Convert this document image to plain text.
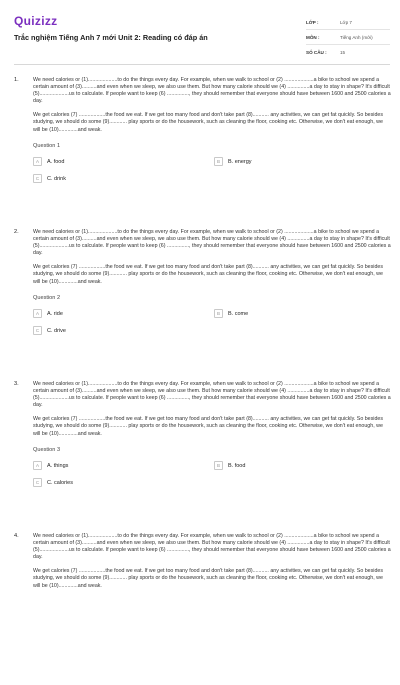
Quizizz
Trắc nghiệm Tiếng Anh 7 mới Unit 2: Reading có đáp án
LỚP :	Lớp 7
MÔN :	Tiếng Anh (mới)
SỐ CÂU :	15
1.	We need calories or (1)....................to do the things every day. For example, when we walk to school or (2) ....................a bike to school we spend a certain amount of (3)..........and even when we sleep, we also use them. But how many calorie should we (4) ...............a day to stay in shape? It's difficult (5)....................us to calculate. If people want to keep (6) ..............., they should remember that everyone should have between 1600 and 2500 calories a day.

We get calories (7) ..................the food we eat. If we get too many food and don't take part (8)........... any activities, we can get fat quickly. So besides studying, we should do some (9)............ play sports or do the housework, such as cleaning the floor, cooking etc. Otherwise, we don't eat enough, we will be (10).............and weak.

Question 1
A	A. food	B	B. energy
C	C. drink
2.	We need calories or (1)....................to do the things every day. For example, when we walk to school or (2) ....................a bike to school we spend a certain amount of (3)..........and even when we sleep, we also use them. But how many calorie should we (4) ...............a day to stay in shape? It's difficult (5)....................us to calculate. If people want to keep (6) ..............., they should remember that everyone should have between 1600 and 2500 calories a day.

We get calories (7) ..................the food we eat. If we get too many food and don't take part (8)........... any activities, we can get fat quickly. So besides studying, we should do some (9)............ play sports or do the housework, such as cleaning the floor, cooking etc. Otherwise, we don't eat enough, we will be (10).............and weak.

Question 2
A	A. ride	B	B. come
C	C. drive
3.	We need calories or (1)....................to do the things every day. For example, when we walk to school or (2) ....................a bike to school we spend a certain amount of (3)..........and even when we sleep, we also use them. But how many calorie should we (4) ...............a day to stay in shape? It's difficult (5)....................us to calculate. If people want to keep (6) ..............., they should remember that everyone should have between 1600 and 2500 calories a day.

We get calories (7) ..................the food we eat. If we get too many food and don't take part (8)........... any activities, we can get fat quickly. So besides studying, we should do some (9)............ play sports or do the housework, such as cleaning the floor, cooking etc. Otherwise, we don't eat enough, we will be (10).............and weak.

Question 3
A	A. things	B	B. food
C	C. calories
4.	We need calories or (1)....................to do the things every day. For example, when we walk to school or (2) ....................a bike to school we spend a certain amount of (3)..........and even when we sleep, we also use them. But how many calorie should we (4) ...............a day to stay in shape? It's difficult (5)....................us to calculate. If people want to keep (6) ..............., they should remember that everyone should have between 1600 and 2500 calories a day.

We get calories (7) ..................the food we eat. If we get too many food and don't take part (8)........... any activities, we can get fat quickly. So besides studying, we should do some (9)............ play sports or do the housework, such as cleaning the floor, cooking etc. Otherwise, we don't eat enough, we will be (10).............and weak.
